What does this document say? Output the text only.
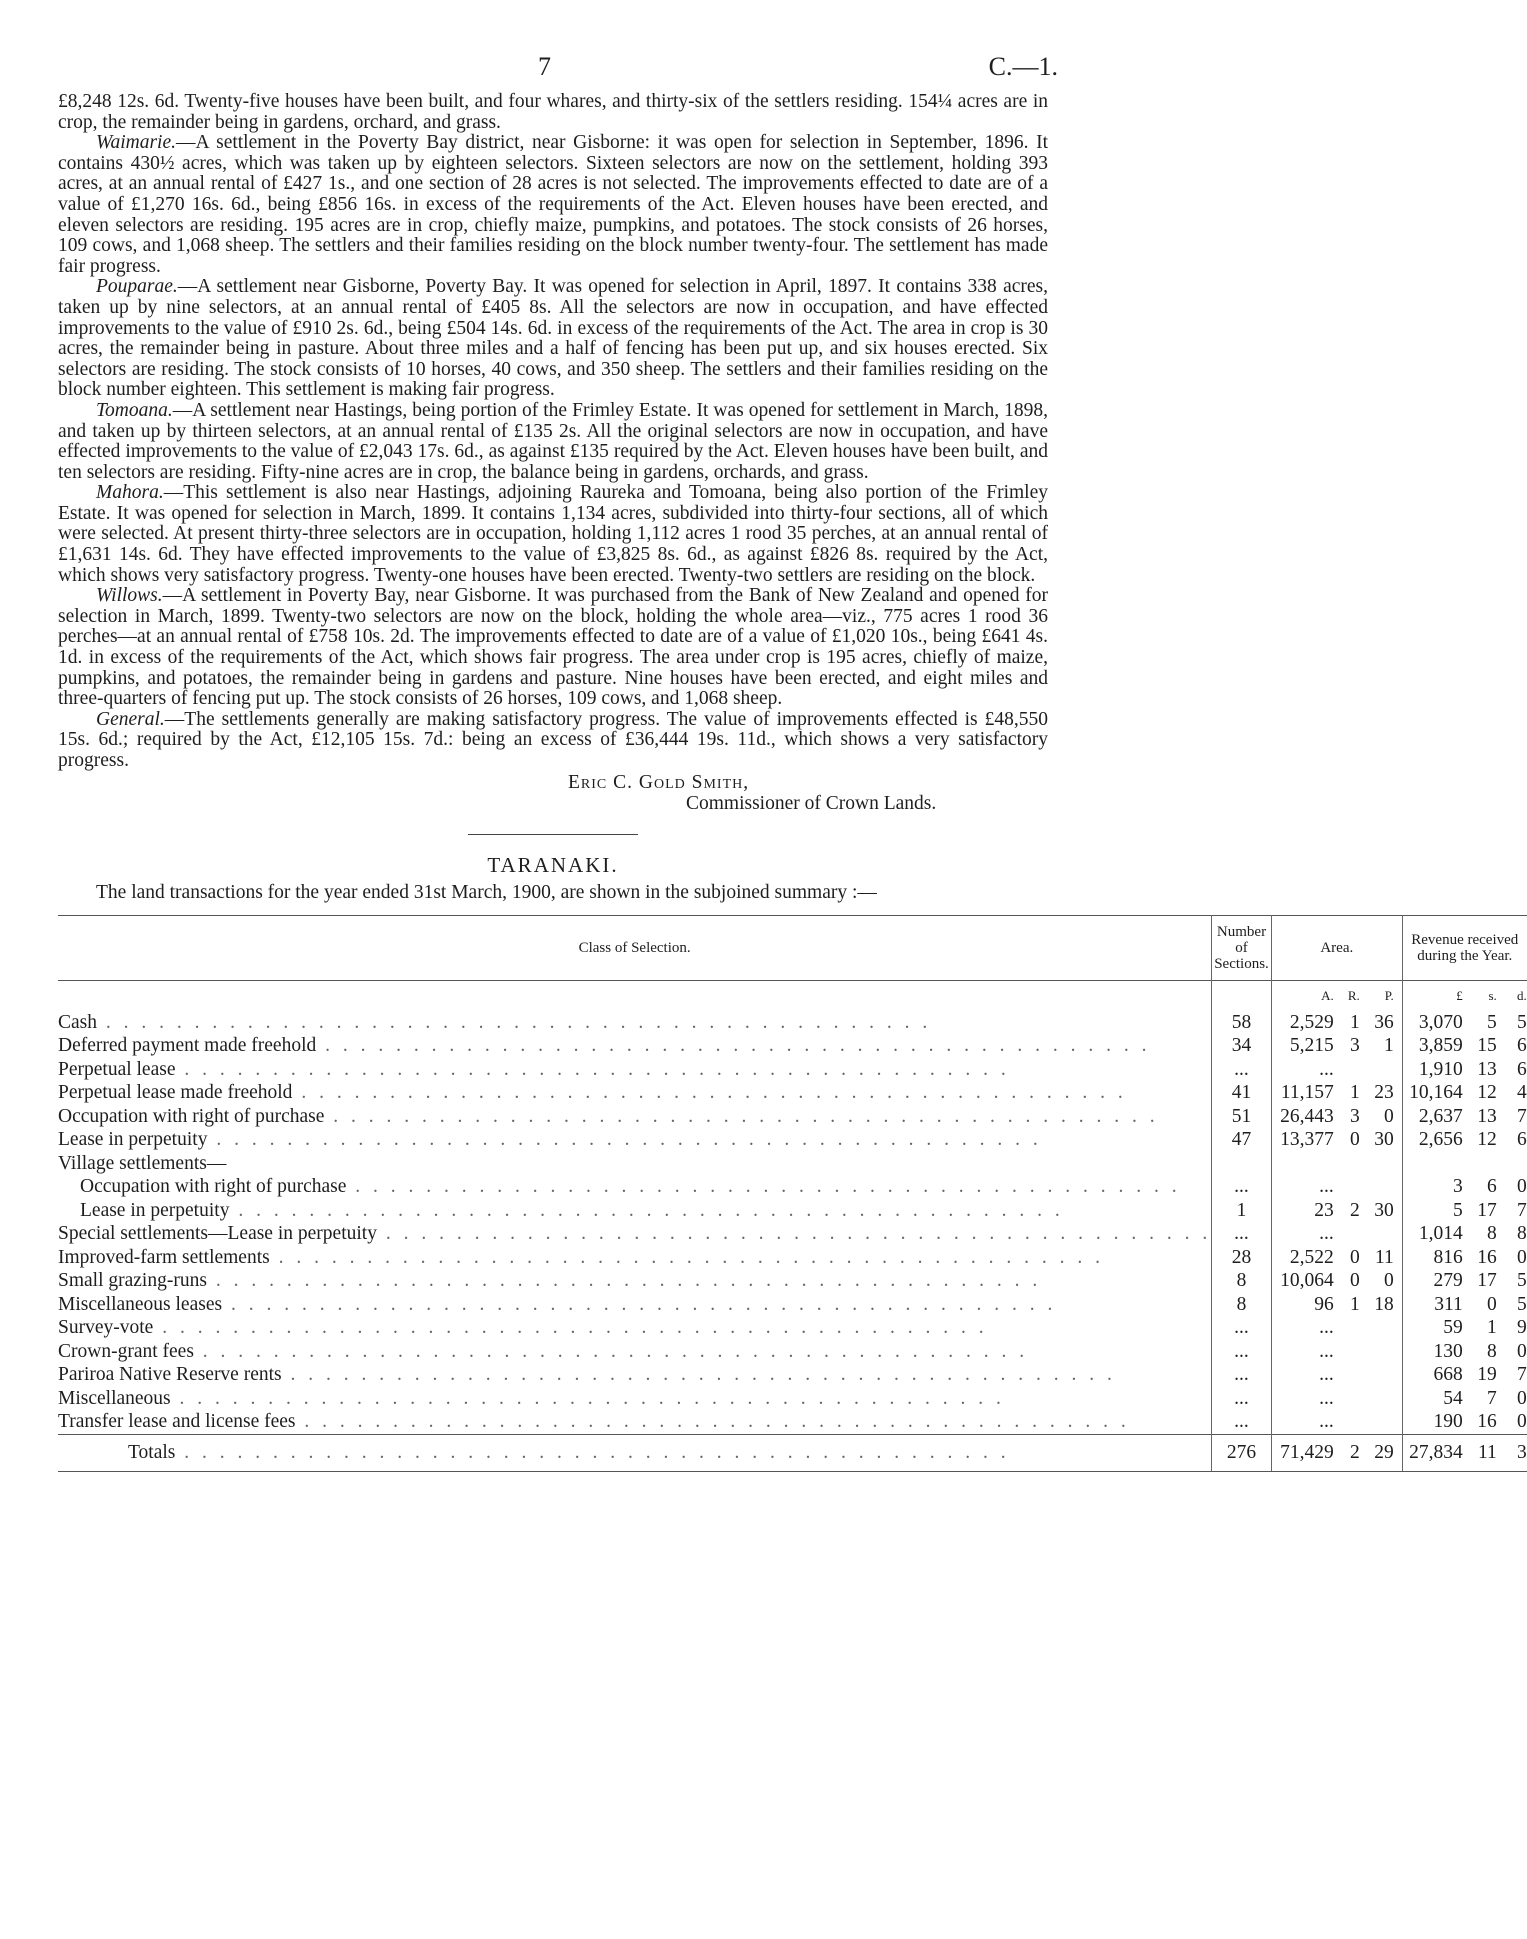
7	C.—1.

£8,248 12s. 6d. Twenty-five houses have been built, and four whares, and thirty-six of the settlers residing. 154¼ acres are in crop, the remainder being in gardens, orchard, and grass.

Waimarie.—A settlement in the Poverty Bay district, near Gisborne: it was open for selection in September, 1896. It contains 430½ acres, which was taken up by eighteen selectors. Sixteen selectors are now on the settlement, holding 393 acres, at an annual rental of £427 1s., and one section of 28 acres is not selected. The improvements effected to date are of a value of £1,270 16s. 6d., being £856 16s. in excess of the requirements of the Act. Eleven houses have been erected, and eleven selectors are residing. 195 acres are in crop, chiefly maize, pumpkins, and potatoes. The stock consists of 26 horses, 109 cows, and 1,068 sheep. The settlers and their families residing on the block number twenty-four. The settlement has made fair progress.

Pouparae.—A settlement near Gisborne, Poverty Bay. It was opened for selection in April, 1897. It contains 338 acres, taken up by nine selectors, at an annual rental of £405 8s. All the selectors are now in occupation, and have effected improvements to the value of £910 2s. 6d., being £504 14s. 6d. in excess of the requirements of the Act. The area in crop is 30 acres, the remainder being in pasture. About three miles and a half of fencing has been put up, and six houses erected. Six selectors are residing. The stock consists of 10 horses, 40 cows, and 350 sheep. The settlers and their families residing on the block number eighteen. This settlement is making fair progress.

Tomoana.—A settlement near Hastings, being portion of the Frimley Estate. It was opened for settlement in March, 1898, and taken up by thirteen selectors, at an annual rental of £135 2s. All the original selectors are now in occupation, and have effected improvements to the value of £2,043 17s. 6d., as against £135 required by the Act. Eleven houses have been built, and ten selectors are residing. Fifty-nine acres are in crop, the balance being in gardens, orchards, and grass.

Mahora.—This settlement is also near Hastings, adjoining Raureka and Tomoana, being also portion of the Frimley Estate. It was opened for selection in March, 1899. It contains 1,134 acres, subdivided into thirty-four sections, all of which were selected. At present thirty-three selectors are in occupation, holding 1,112 acres 1 rood 35 perches, at an annual rental of £1,631 14s. 6d. They have effected improvements to the value of £3,825 8s. 6d., as against £826 8s. required by the Act, which shows very satisfactory progress. Twenty-one houses have been erected. Twenty-two settlers are residing on the block.

Willows.—A settlement in Poverty Bay, near Gisborne. It was purchased from the Bank of New Zealand and opened for selection in March, 1899. Twenty-two selectors are now on the block, holding the whole area—viz., 775 acres 1 rood 36 perches—at an annual rental of £758 10s. 2d. The improvements effected to date are of a value of £1,020 10s., being £641 4s. 1d. in excess of the requirements of the Act, which shows fair progress. The area under crop is 195 acres, chiefly of maize, pumpkins, and potatoes, the remainder being in gardens and pasture. Nine houses have been erected, and eight miles and three-quarters of fencing put up. The stock consists of 26 horses, 109 cows, and 1,068 sheep.

General.—The settlements generally are making satisfactory progress. The value of improvements effected is £48,550 15s. 6d.; required by the Act, £12,105 15s. 7d.: being an excess of £36,444 19s. 11d., which shows a very satisfactory progress.

Eric C. Gold Smith,
Commissioner of Crown Lands.
TARANAKI.

The land transactions for the year ended 31st March, 1900, are shown in the subjoined summary :—

Class of Selection.	Number of Sections.	Area.	Revenue received during the Year.

		A. R. P.	£ s. d.

Cash . . . . . . . . . . . . . . . . . . . . . . . . . . . . . . . . . . . . . . . . . . . . . . .	58	2,529 1 36	3,070 5 5

Deferred payment made freehold . . . . . . . . . . . . . . . . . . . . . . . . . . . . . . . . . . . . . . . . . . . . . . .	34	5,215 3 1	3,859 15 6

Perpetual lease . . . . . . . . . . . . . . . . . . . . . . . . . . . . . . . . . . . . . . . . . . . . . . .	...	...	1,910 13 6

Perpetual lease made freehold . . . . . . . . . . . . . . . . . . . . . . . . . . . . . . . . . . . . . . . . . . . . . . .	41	11,157 1 23	10,164 12 4

Occupation with right of purchase . . . . . . . . . . . . . . . . . . . . . . . . . . . . . . . . . . . . . . . . . . . . . . .	51	26,443 3 0	2,637 13 7

Lease in perpetuity . . . . . . . . . . . . . . . . . . . . . . . . . . . . . . . . . . . . . . . . . . . . . . .	47	13,377 0 30	2,656 12 6

Village settlements—			

Occupation with right of purchase . . . . . . . . . . . . . . . . . . . . . . . . . . . . . . . . . . . . . . . . . . . . . . .	...	...	3 6 0

Lease in perpetuity . . . . . . . . . . . . . . . . . . . . . . . . . . . . . . . . . . . . . . . . . . . . . . .	1	23 2 30	5 17 7

Special settlements—Lease in perpetuity . . . . . . . . . . . . . . . . . . . . . . . . . . . . . . . . . . . . . . . . . . . . . . .	...	...	1,014 8 8

Improved-farm settlements . . . . . . . . . . . . . . . . . . . . . . . . . . . . . . . . . . . . . . . . . . . . . . .	28	2,522 0 11	816 16 0

Small grazing-runs . . . . . . . . . . . . . . . . . . . . . . . . . . . . . . . . . . . . . . . . . . . . . . .	8	10,064 0 0	279 17 5

Miscellaneous leases . . . . . . . . . . . . . . . . . . . . . . . . . . . . . . . . . . . . . . . . . . . . . . .	8	96 1 18	311 0 5

Survey-vote . . . . . . . . . . . . . . . . . . . . . . . . . . . . . . . . . . . . . . . . . . . . . . .	...	...	59 1 9

Crown-grant fees . . . . . . . . . . . . . . . . . . . . . . . . . . . . . . . . . . . . . . . . . . . . . . .	...	...	130 8 0

Pariroa Native Reserve rents . . . . . . . . . . . . . . . . . . . . . . . . . . . . . . . . . . . . . . . . . . . . . . .	...	...	668 19 7

Miscellaneous . . . . . . . . . . . . . . . . . . . . . . . . . . . . . . . . . . . . . . . . . . . . . . .	...	...	54 7 0

Transfer lease and license fees . . . . . . . . . . . . . . . . . . . . . . . . . . . . . . . . . . . . . . . . . . . . . . .	...	...	190 16 0

Totals . . . . . . . . . . . . . . . . . . . . . . . . . . . . . . . . . . . . . . . . . . . . . . .	276	71,429 2 29	27,834 11 3
